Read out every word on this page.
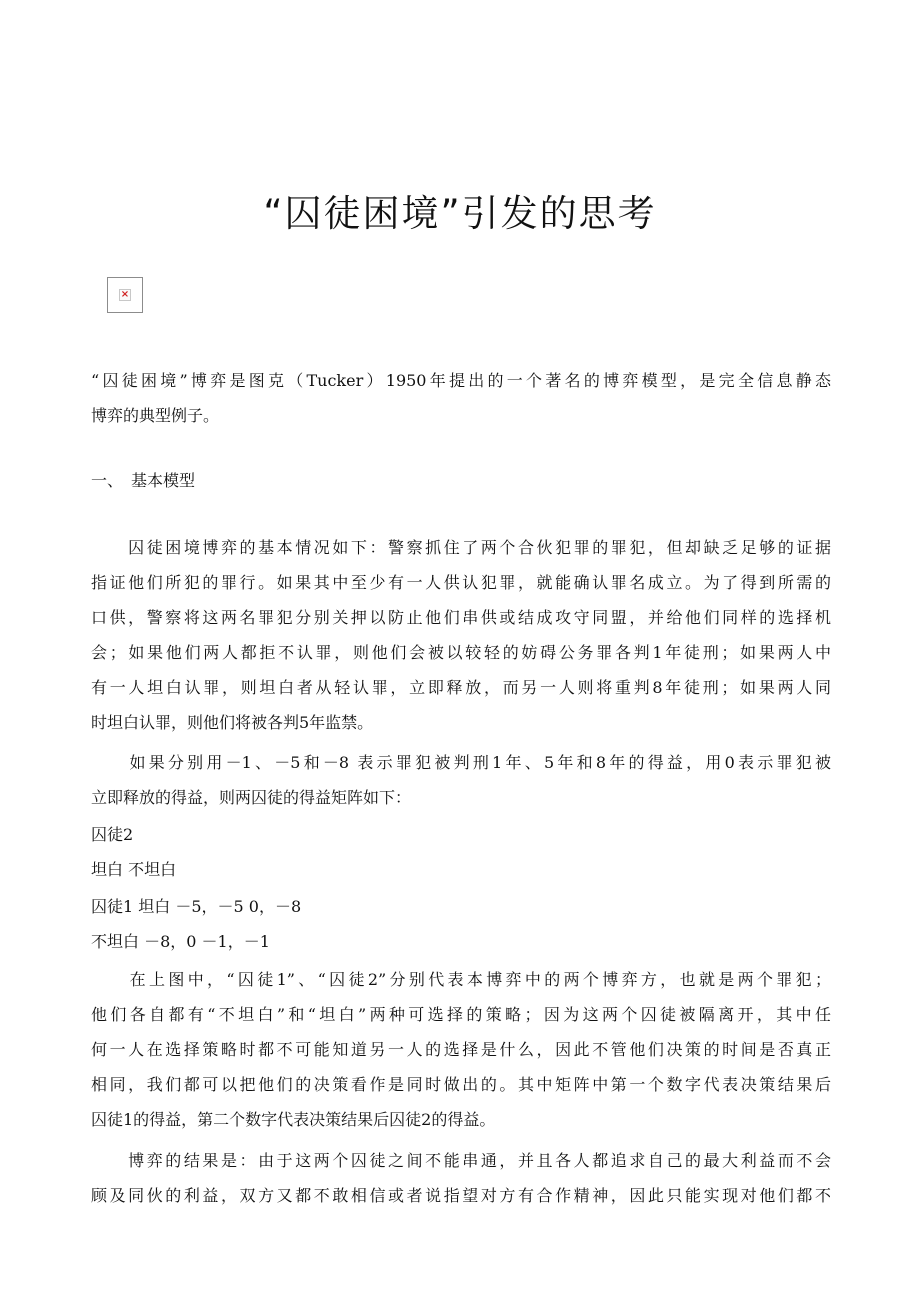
“囚徒困境”引发的思考
×
“囚徒困境”博弈是图克（Tucker）1950年提出的一个著名的博弈模型，是完全信息静态
博弈的典型例子。
一、　基本模型
　　囚徒困境博弈的基本情况如下：警察抓住了两个合伙犯罪的罪犯，但却缺乏足够的证据
指证他们所犯的罪行。如果其中至少有一人供认犯罪，就能确认罪名成立。为了得到所需的
口供，警察将这两名罪犯分别关押以防止他们串供或结成攻守同盟，并给他们同样的选择机
会；如果他们两人都拒不认罪，则他们会被以较轻的妨碍公务罪各判1年徒刑；如果两人中
有一人坦白认罪，则坦白者从轻认罪，立即释放，而另一人则将重判8年徒刑；如果两人同
时坦白认罪，则他们将被各判5年监禁。
　　如果分别用－1、－5和－8 表示罪犯被判刑1年、5年和8年的得益，用0表示罪犯被
立即释放的得益，则两囚徒的得益矩阵如下：
囚徒2
坦白 不坦白
囚徒1 坦白 －5，－5 0，－8
不坦白 －8，0 －1，－1
　　在上图中，“囚徒1”、“囚徒2”分别代表本博弈中的两个博弈方，也就是两个罪犯；
他们各自都有“不坦白”和“坦白”两种可选择的策略；因为这两个囚徒被隔离开，其中任
何一人在选择策略时都不可能知道另一人的选择是什么，因此不管他们决策的时间是否真正
相同，我们都可以把他们的决策看作是同时做出的。其中矩阵中第一个数字代表决策结果后
囚徒1的得益，第二个数字代表决策结果后囚徒2的得益。
　　博弈的结果是：由于这两个囚徒之间不能串通，并且各人都追求自己的最大利益而不会
顾及同伙的利益，双方又都不敢相信或者说指望对方有合作精神，因此只能实现对他们都不
